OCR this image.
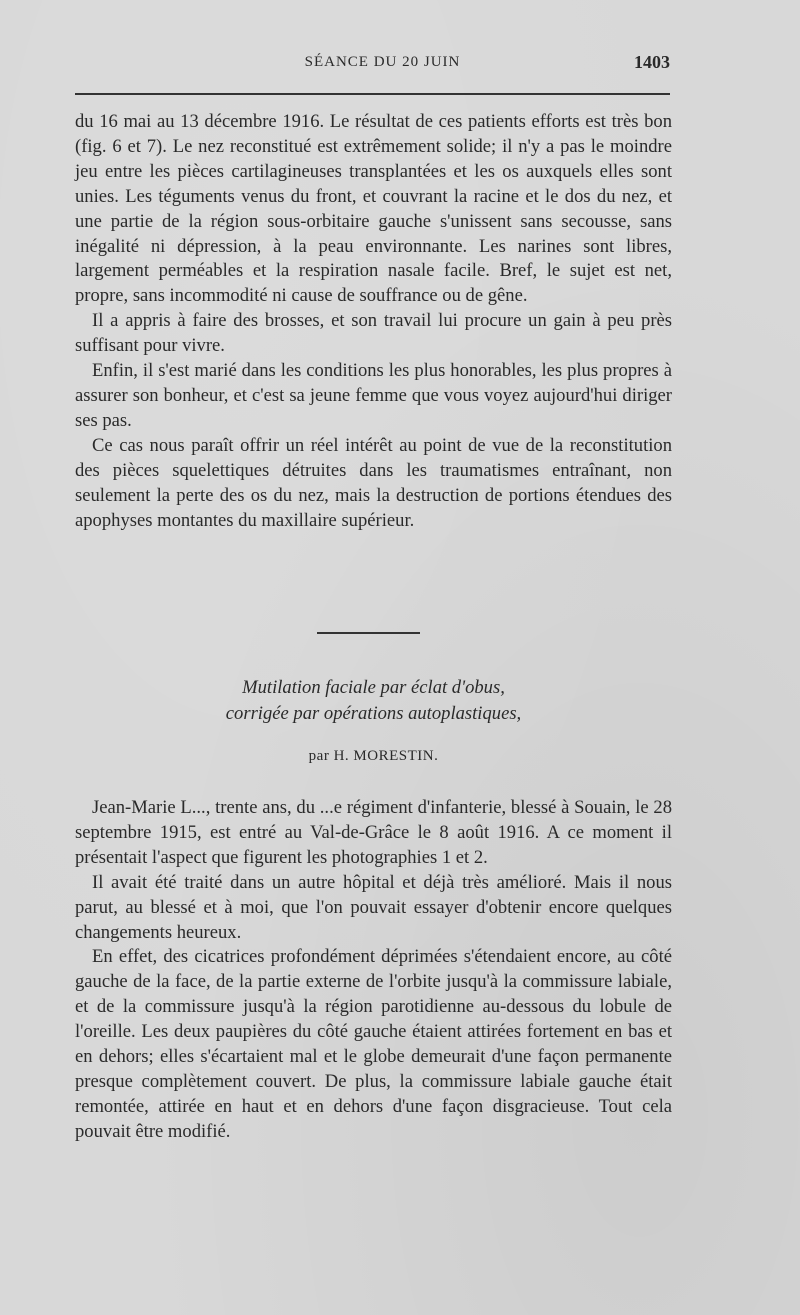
SÉANCE DU 20 JUIN	1403

du 16 mai au 13 décembre 1916. Le résultat de ces patients efforts est très bon (fig. 6 et 7). Le nez reconstitué est extrêmement solide; il n'y a pas le moindre jeu entre les pièces cartilagineuses transplantées et les os auxquels elles sont unies. Les téguments venus du front, et couvrant la racine et le dos du nez, et une partie de la région sous-orbitaire gauche s'unissent sans secousse, sans inégalité ni dépression, à la peau environnante. Les narines sont libres, largement perméables et la respiration nasale facile. Bref, le sujet est net, propre, sans incommodité ni cause de souffrance ou de gêne.

Il a appris à faire des brosses, et son travail lui procure un gain à peu près suffisant pour vivre.

Enfin, il s'est marié dans les conditions les plus honorables, les plus propres à assurer son bonheur, et c'est sa jeune femme que vous voyez aujourd'hui diriger ses pas.

Ce cas nous paraît offrir un réel intérêt au point de vue de la reconstitution des pièces squelettiques détruites dans les traumatismes entraînant, non seulement la perte des os du nez, mais la destruction de portions étendues des apophyses montantes du maxillaire supérieur.

Mutilation faciale par éclat d'obus,
corrigée par opérations autoplastiques,
par H. MORESTIN.

Jean-Marie L..., trente ans, du ...e régiment d'infanterie, blessé à Souain, le 28 septembre 1915, est entré au Val-de-Grâce le 8 août 1916. A ce moment il présentait l'aspect que figurent les photographies 1 et 2.

Il avait été traité dans un autre hôpital et déjà très amélioré. Mais il nous parut, au blessé et à moi, que l'on pouvait essayer d'obtenir encore quelques changements heureux.

En effet, des cicatrices profondément déprimées s'étendaient encore, au côté gauche de la face, de la partie externe de l'orbite jusqu'à la commissure labiale, et de la commissure jusqu'à la région parotidienne au-dessous du lobule de l'oreille. Les deux paupières du côté gauche étaient attirées fortement en bas et en dehors; elles s'écartaient mal et le globe demeurait d'une façon permanente presque complètement couvert. De plus, la commissure labiale gauche était remontée, attirée en haut et en dehors d'une façon disgracieuse. Tout cela pouvait être modifié.
